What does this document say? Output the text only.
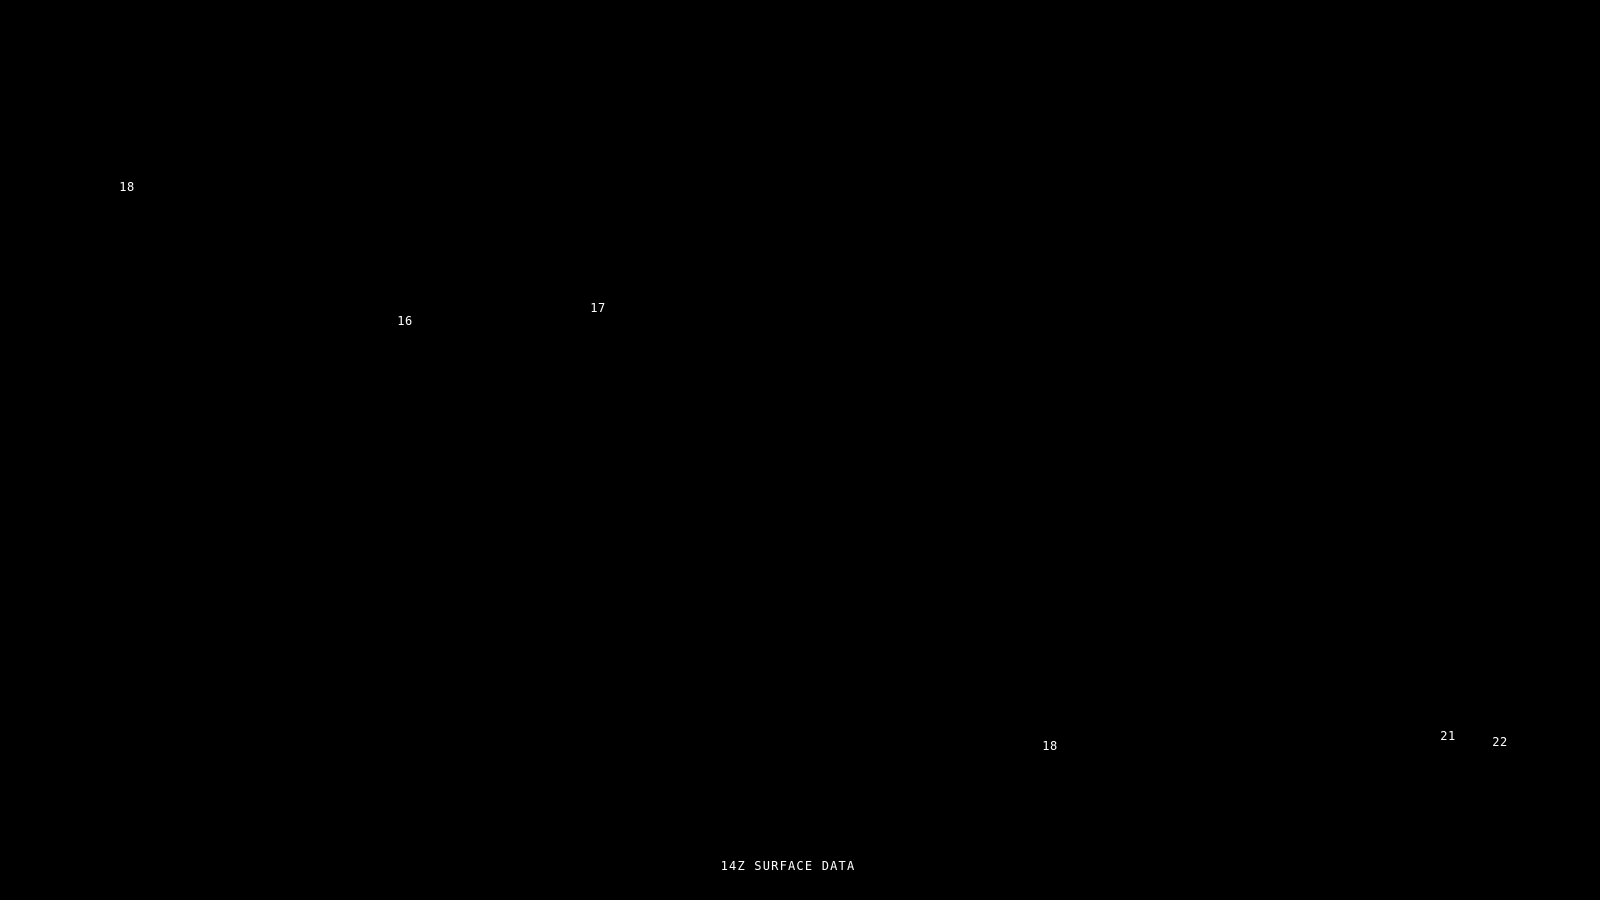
14Z SURFACE DATA
18
16
17
18
21	22
